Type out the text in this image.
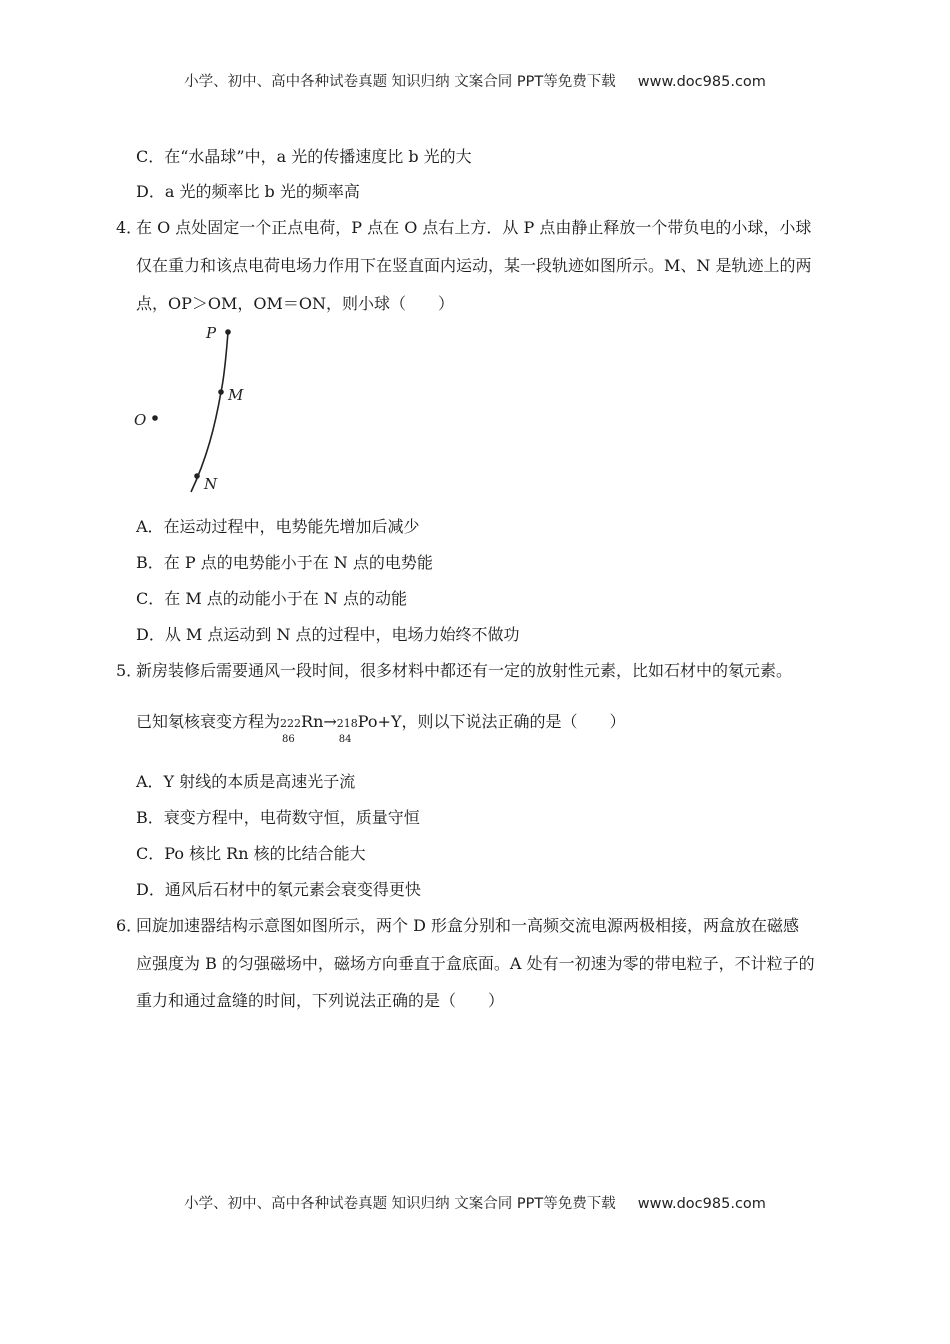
小学、初中、高中各种试卷真题 知识归纳 文案合同 PPT等免费下载 www.doc985.com
C．在“水晶球”中，a 光的传播速度比 b 光的大
D．a 光的频率比 b 光的频率高
4．
在 O 点处固定一个正点电荷，P 点在 O 点右上方．从 P 点由静止释放一个带负电的小球，小球
仅在重力和该点电荷电场力作用下在竖直面内运动，某一段轨迹如图所示。M、N 是轨迹上的两
点，OP＞OM，OM＝ON，则小球（　　）
P
M
O
N
A．在运动过程中，电势能先增加后减少
B．在 P 点的电势能小于在 N 点的电势能
C．在 M 点的动能小于在 N 点的动能
D．从 M 点运动到 N 点的过程中，电场力始终不做功
5．
新房装修后需要通风一段时间，很多材料中都还有一定的放射性元素，比如石材中的氡元素。
已知氡核衰变方程为222Rn
86
→218Po+Y
84
，则以下说法正确的是（　　）
A．Y 射线的本质是高速光子流
B．衰变方程中，电荷数守恒，质量守恒
C．Po 核比 Rn 核的比结合能大
D．通风后石材中的氡元素会衰变得更快
6．
回旋加速器结构示意图如图所示，两个 D 形盒分别和一高频交流电源两极相接，两盒放在磁感
应强度为 B 的匀强磁场中，磁场方向垂直于盒底面。A 处有一初速为零的带电粒子，不计粒子的
重力和通过盒缝的时间，下列说法正确的是（　　）
小学、初中、高中各种试卷真题 知识归纳 文案合同 PPT等免费下载 www.doc985.com
